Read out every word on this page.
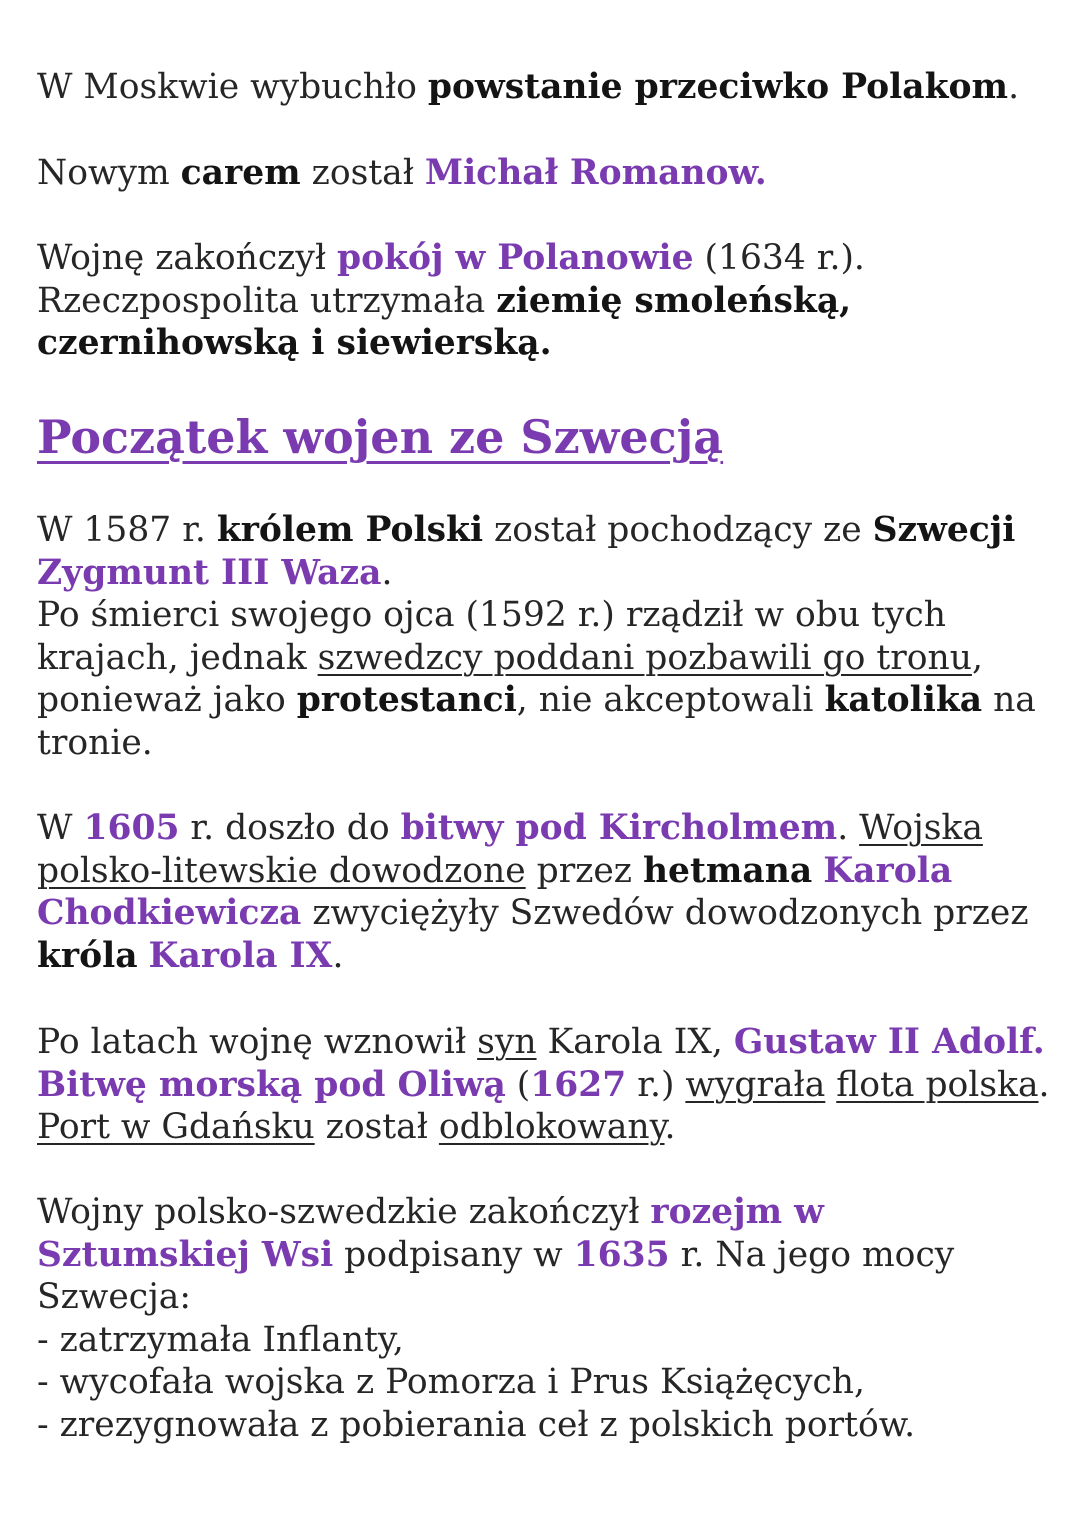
W Moskwie wybuchło powstanie przeciwko Polakom.

Nowym carem został Michał Romanow.

Wojnę zakończył pokój w Polanowie (1634 r.).
Rzeczpospolita utrzymała ziemię smoleńską,
czernihowską i siewierską.

Początek wojen ze Szwecją

W 1587 r. królem Polski został pochodzący ze Szwecji
Zygmunt III Waza.
Po śmierci swojego ojca (1592 r.) rządził w obu tych krajach, jednak szwedzcy poddani pozbawili go tronu, ponieważ jako protestanci, nie akceptowali katolika na tronie.

W 1605 r. doszło do bitwy pod Kircholmem. Wojska polsko-litewskie dowodzone przez hetmana Karola Chodkiewicza zwyciężyły Szwedów dowodzonych przez króla Karola IX.

Po latach wojnę wznowił syn Karola IX, Gustaw II Adolf.
Bitwę morską pod Oliwą (1627 r.) wygrała flota polska.
Port w Gdańsku został odblokowany.

Wojny polsko-szwedzkie zakończył rozejm w
Sztumskiej Wsi podpisany w 1635 r. Na jego mocy
Szwecja:
- zatrzymała Inflanty,
- wycofała wojska z Pomorza i Prus Książęcych,
- zrezygnowała z pobierania ceł z polskich portów.
